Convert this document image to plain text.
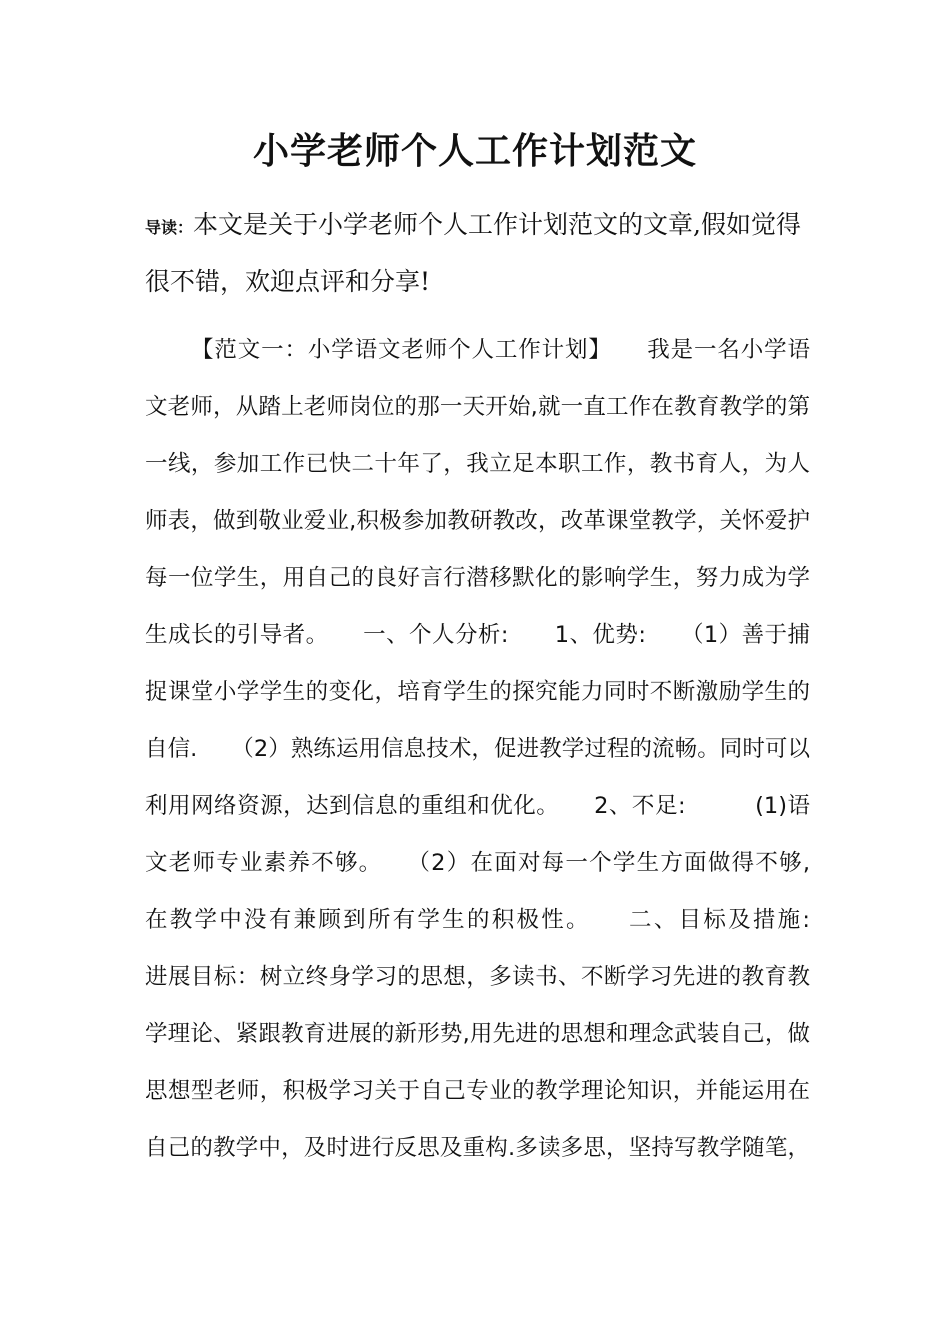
小学老师个人工作计划范文

导读：本文是关于小学老师个人工作计划范文的文章,假如觉得很不错，欢迎点评和分享!

【范文一：小学语文老师个人工作计划】　　我是一名小学语
文老师，从踏上老师岗位的那一天开始,就一直工作在教育教学的第
一线，参加工作已快二十年了，我立足本职工作，教书育人，为人
师表，做到敬业爱业,积极参加教研教改，改革课堂教学，关怀爱护
每一位学生，用自己的良好言行潜移默化的影响学生，努力成为学
生成长的引导者。　　一、个人分析:　　1、优势:　　（1）善于捕
捉课堂小学学生的变化，培育学生的探究能力同时不断激励学生的
自信.　　（2）熟练运用信息技术，促进教学过程的流畅。同时可以
利用网络资源，达到信息的重组和优化。　　2、不足:　　　(1)语
文老师专业素养不够。　　（2）在面对每一个学生方面做得不够,
在教学中没有兼顾到所有学生的积极性。　　二、目标及措施:
进展目标：树立终身学习的思想，多读书、不断学习先进的教育教
学理论、紧跟教育进展的新形势,用先进的思想和理念武装自己，做
思想型老师，积极学习关于自己专业的教学理论知识，并能运用在
自己的教学中，及时进行反思及重构.多读多思，坚持写教学随笔，
